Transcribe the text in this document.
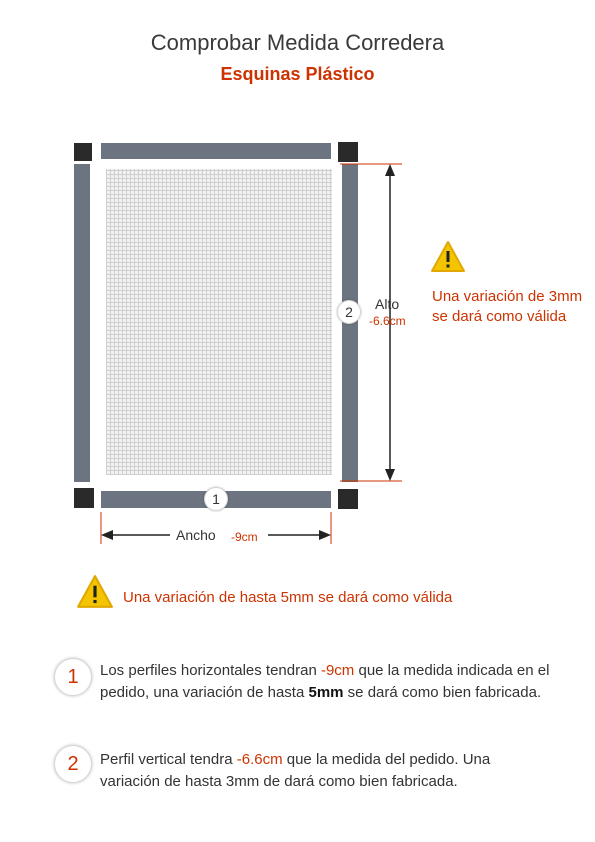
Comprobar Medida Corredera
Esquinas Plástico
2	Alto
-6.6cm
1
Ancho -9cm
Una variación de 3mm se dará como válida
Una variación de hasta 5mm se dará como válida
1	Los perfiles horizontales tendran -9cm que la medida indicada en el pedido, una variación de hasta 5mm se dará como bien fabricada.
2	Perfil vertical tendra -6.6cm que la medida del pedido. Una variación de hasta 3mm de dará como bien fabricada.
